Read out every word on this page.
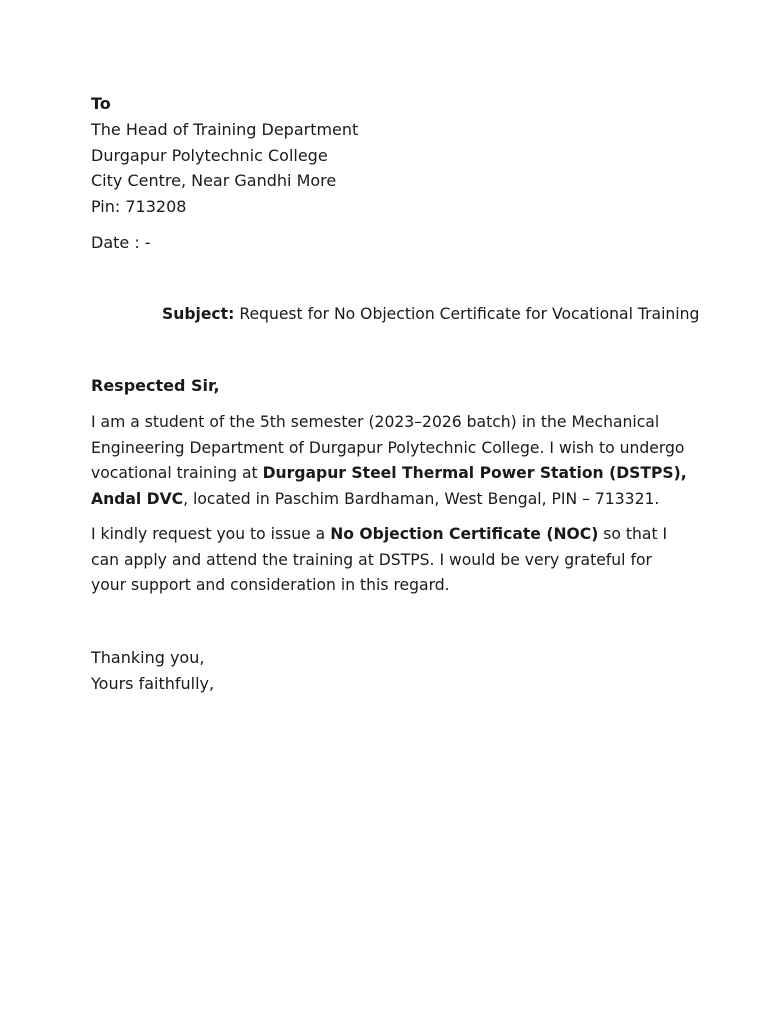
To
The Head of Training Department
Durgapur Polytechnic College
City Centre, Near Gandhi More
Pin: 713208
Date : -
Subject: Request for No Objection Certificate for Vocational Training
Respected Sir,
I am a student of the 5th semester (2023–2026 batch) in the Mechanical Engineering Department of Durgapur Polytechnic College. I wish to undergo vocational training at Durgapur Steel Thermal Power Station (DSTPS), Andal DVC, located in Paschim Bardhaman, West Bengal, PIN – 713321.
I kindly request you to issue a No Objection Certificate (NOC) so that I can apply and attend the training at DSTPS. I would be very grateful for your support and consideration in this regard.
Thanking you,
Yours faithfully,
